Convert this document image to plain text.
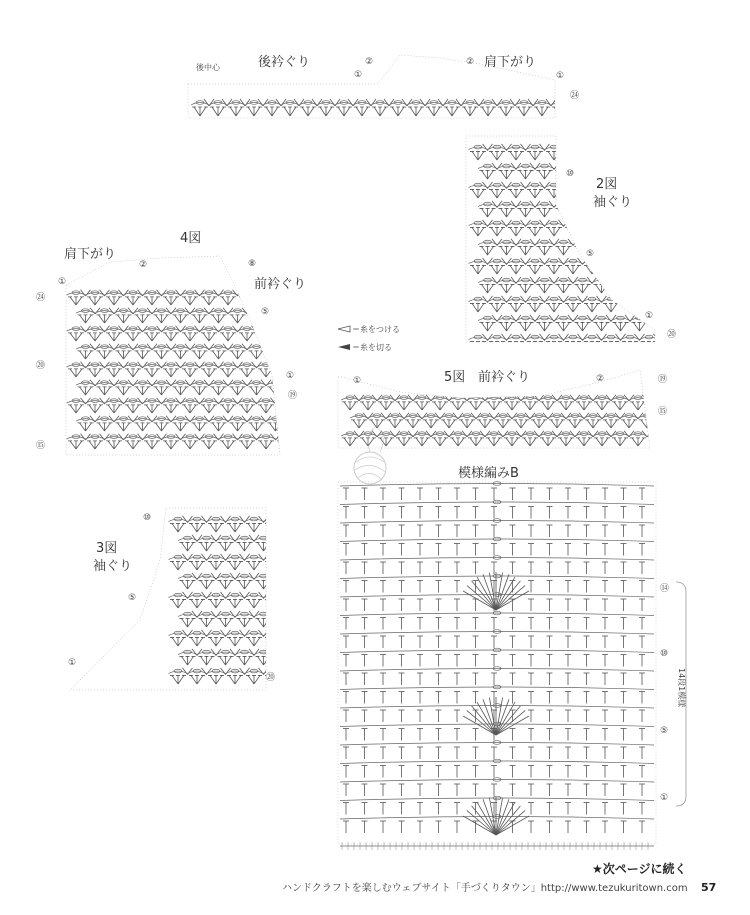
後衿ぐり
後中心	肩下がり
②
①
②
①
㉔
2図
袖ぐり
⑩
⑤
①
⑳
4図
肩下がり
前衿ぐり
①
②	⑧
⑤
㉔
⑳
①
⑲
⑮
＝糸をつける
＝糸を切る
5図 前衿ぐり
①	②	⑲
⑮
3図
袖ぐり
⑩
⑤
①
⑳
模様編みB
⑭
⑩
⑤
①
14段1模様
★次ページに続く
ハンドクラフトを楽しむウェブサイト「手づくりタウン」http://www.tezukuritown.com 57
